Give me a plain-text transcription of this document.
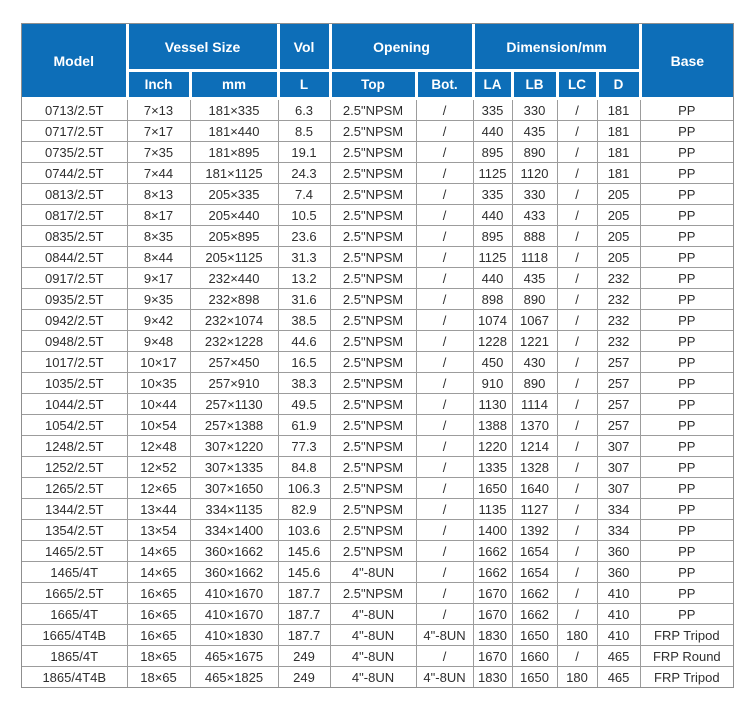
Model	Vessel Size		Vol	Opening		Dimension/mm				Base
	Inch	mm	L	Top	Bot.	LA	LB	LC	D	
0713/2.5T	7×13	181×335	6.3	2.5"NPSM	/	335	330	/	181	PP
0717/2.5T	7×17	181×440	8.5	2.5"NPSM	/	440	435	/	181	PP
0735/2.5T	7×35	181×895	19.1	2.5"NPSM	/	895	890	/	181	PP
0744/2.5T	7×44	181×1125	24.3	2.5"NPSM	/	1125	1120	/	181	PP
0813/2.5T	8×13	205×335	7.4	2.5"NPSM	/	335	330	/	205	PP
0817/2.5T	8×17	205×440	10.5	2.5"NPSM	/	440	433	/	205	PP
0835/2.5T	8×35	205×895	23.6	2.5"NPSM	/	895	888	/	205	PP
0844/2.5T	8×44	205×1125	31.3	2.5"NPSM	/	1125	1118	/	205	PP
0917/2.5T	9×17	232×440	13.2	2.5"NPSM	/	440	435	/	232	PP
0935/2.5T	9×35	232×898	31.6	2.5"NPSM	/	898	890	/	232	PP
0942/2.5T	9×42	232×1074	38.5	2.5"NPSM	/	1074	1067	/	232	PP
0948/2.5T	9×48	232×1228	44.6	2.5"NPSM	/	1228	1221	/	232	PP
1017/2.5T	10×17	257×450	16.5	2.5"NPSM	/	450	430	/	257	PP
1035/2.5T	10×35	257×910	38.3	2.5"NPSM	/	910	890	/	257	PP
1044/2.5T	10×44	257×1130	49.5	2.5"NPSM	/	1130	1114	/	257	PP
1054/2.5T	10×54	257×1388	61.9	2.5"NPSM	/	1388	1370	/	257	PP
1248/2.5T	12×48	307×1220	77.3	2.5"NPSM	/	1220	1214	/	307	PP
1252/2.5T	12×52	307×1335	84.8	2.5"NPSM	/	1335	1328	/	307	PP
1265/2.5T	12×65	307×1650	106.3	2.5"NPSM	/	1650	1640	/	307	PP
1344/2.5T	13×44	334×1135	82.9	2.5"NPSM	/	1135	1127	/	334	PP
1354/2.5T	13×54	334×1400	103.6	2.5"NPSM	/	1400	1392	/	334	PP
1465/2.5T	14×65	360×1662	145.6	2.5"NPSM	/	1662	1654	/	360	PP
1465/4T	14×65	360×1662	145.6	4"-8UN	/	1662	1654	/	360	PP
1665/2.5T	16×65	410×1670	187.7	2.5"NPSM	/	1670	1662	/	410	PP
1665/4T	16×65	410×1670	187.7	4"-8UN	/	1670	1662	/	410	PP
1665/4T4B	16×65	410×1830	187.7	4"-8UN	4"-8UN	1830	1650	180	410	FRP Tripod
1865/4T	18×65	465×1675	249	4"-8UN	/	1670	1660	/	465	FRP Round
1865/4T4B	18×65	465×1825	249	4"-8UN	4"-8UN	1830	1650	180	465	FRP Tripod
